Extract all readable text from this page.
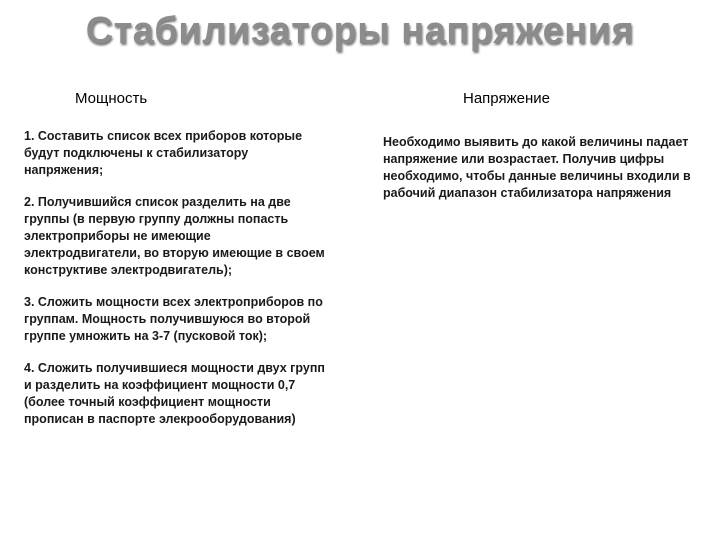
Стабилизаторы напряжения
Мощность	Напряжение
1. Составить список всех приборов которые будут подключены к стабилизатору напряжения;
2. Получившийся список разделить на две группы (в первую группу должны попасть электроприборы не имеющие электродвигатели, во вторую имеющие в своем конструктиве электродвигатель);
3. Сложить мощности всех электроприборов по группам. Мощность получившуюся во второй группе умножить на 3-7 (пусковой ток);
4. Сложить получившиеся мощности двух групп и разделить на коэффициент мощности 0,7 (более точный коэффициент мощности прописан в паспорте элекрооборудования)

Необходимо выявить до какой величины падает напряжение или возрастает. Получив цифры необходимо, чтобы данные величины входили в рабочий диапазон стабилизатора напряжения
